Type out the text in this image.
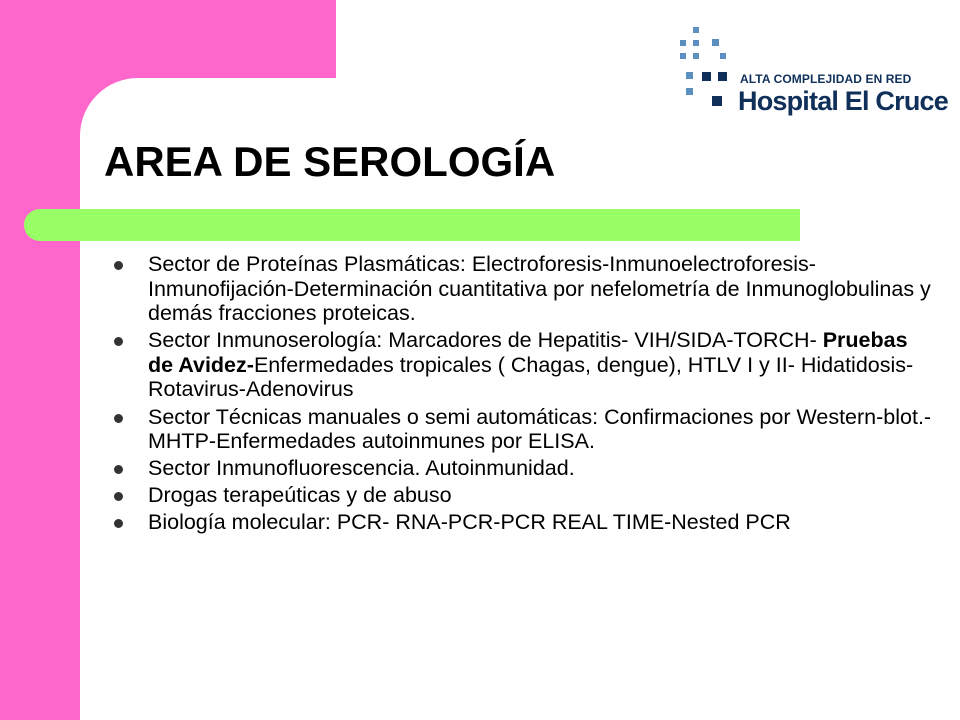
ALTA COMPLEJIDAD EN RED
Hospital El Cruce
AREA DE SEROLOGÍA
Sector de Proteínas Plasmáticas: Electroforesis-Inmunoelectroforesis-Inmunofijación-Determinación cuantitativa por nefelometría de Inmunoglobulinas y demás fracciones proteicas.
Sector Inmunoserología: Marcadores de Hepatitis- VIH/SIDA-TORCH- Pruebas de Avidez-Enfermedades tropicales ( Chagas, dengue), HTLV I y II- Hidatidosis-Rotavirus-Adenovirus
Sector Técnicas manuales o semi automáticas: Confirmaciones por Western-blot.-MHTP-Enfermedades autoinmunes por ELISA.
Sector Inmunofluorescencia. Autoinmunidad.
Drogas terapeúticas y de abuso
Biología molecular: PCR- RNA-PCR-PCR REAL TIME-Nested PCR
